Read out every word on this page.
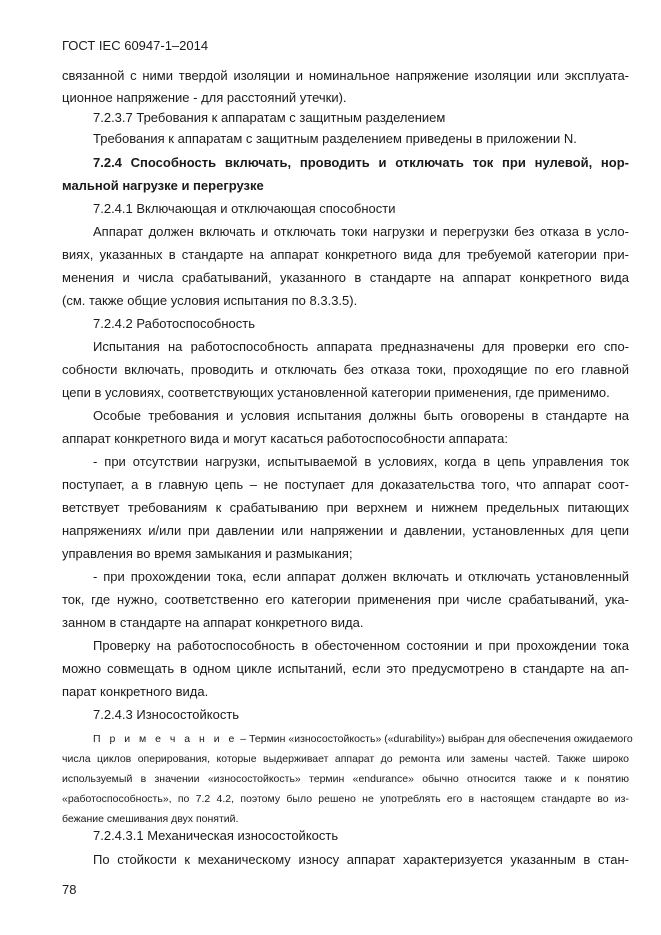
ГОСТ IEC 60947-1–2014
связанной с ними твердой изоляции и номинальное напряжение изоляции или эксплуата-
ционное напряжение - для расстояний утечки).
7.2.3.7 Требования к аппаратам с защитным разделением
Требования к аппаратам с защитным разделением приведены в приложении N.
7.2.4 Способность включать, проводить и отключать ток при нулевой, нор-
мальной нагрузке и перегрузке
7.2.4.1 Включающая и отключающая способности
Аппарат должен включать и отключать токи нагрузки и перегрузки без отказа в усло-
виях, указанных в стандарте на аппарат конкретного вида для требуемой категории при-
менения и числа срабатываний, указанного в стандарте на аппарат конкретного вида
(см. также общие условия испытания по 8.3.3.5).
7.2.4.2 Работоспособность
Испытания на работоспособность аппарата предназначены для проверки его спо-
собности включать, проводить и отключать без отказа токи, проходящие по его главной
цепи в условиях, соответствующих установленной категории применения, где применимо.
Особые требования и условия испытания должны быть оговорены в стандарте на
аппарат конкретного вида и могут касаться работоспособности аппарата:
- при отсутствии нагрузки, испытываемой в условиях, когда в цепь управления ток
поступает, а в главную цепь – не поступает для доказательства того, что аппарат соот-
ветствует требованиям к срабатыванию при верхнем и нижнем предельных питающих
напряжениях и/или при давлении или напряжении и давлении, установленных для цепи
управления во время замыкания и размыкания;
- при прохождении тока, если аппарат должен включать и отключать установленный
ток, где нужно, соответственно его категории применения при числе срабатываний, ука-
занном в стандарте на аппарат конкретного вида.
Проверку на работоспособность в обесточенном состоянии и при прохождении тока
можно совмещать в одном цикле испытаний, если это предусмотрено в стандарте на ап-
парат конкретного вида.
7.2.4.3 Износостойкость
П р и м е ч а н и е – Термин «износостойкость» («durability») выбран для обеспечения ожидаемого
числа циклов оперирования, которые выдерживает аппарат до ремонта или замены частей. Также широко
используемый в значении «износостойкость» термин «endurance» обычно относится также и к понятию
«работоспособность», по 7.2 4.2, поэтому было решено не употреблять его в настоящем стандарте во из-
бежание смешивания двух понятий.
7.2.4.3.1 Механическая износостойкость
По стойкости к механическому износу аппарат характеризуется указанным в стан-
78
